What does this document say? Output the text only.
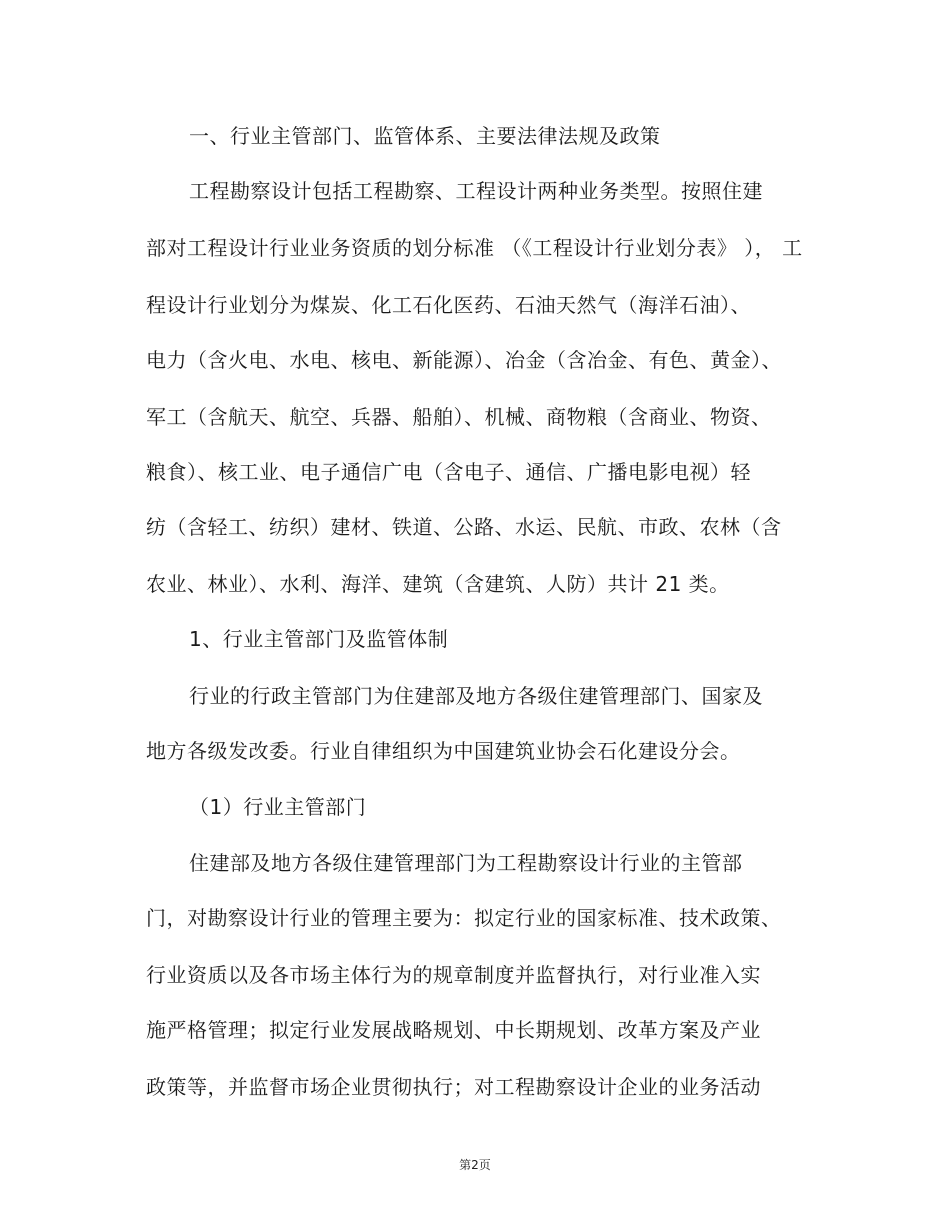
一、行业主管部门、监管体系、主要法律法规及政策
工程勘察设计包括工程勘察、工程设计两种业务类型。按照住建
部对工程设计行业业务资质的划分标准 （《工程设计行业划分表》 ）， 工
程设计行业划分为煤炭、化工石化医药、石油天然气（海洋石油）、
电力（含火电、水电、核电、新能源）、冶金（含冶金、有色、黄金）、
军工（含航天、航空、兵器、船舶）、机械、商物粮（含商业、物资、
粮食）、核工业、电子通信广电（含电子、通信、广播电影电视）轻
纺（含轻工、纺织）建材、铁道、公路、水运、民航、市政、农林（含
农业、林业）、水利、海洋、建筑（含建筑、人防）共计 21 类。
1、行业主管部门及监管体制
行业的行政主管部门为住建部及地方各级住建管理部门、国家及
地方各级发改委。行业自律组织为中国建筑业协会石化建设分会。
（1）行业主管部门
住建部及地方各级住建管理部门为工程勘察设计行业的主管部
门，对勘察设计行业的管理主要为：拟定行业的国家标准、技术政策、
行业资质以及各市场主体行为的规章制度并监督执行，对行业准入实
施严格管理；拟定行业发展战略规划、中长期规划、改革方案及产业
政策等，并监督市场企业贯彻执行；对工程勘察设计企业的业务活动
第2页
